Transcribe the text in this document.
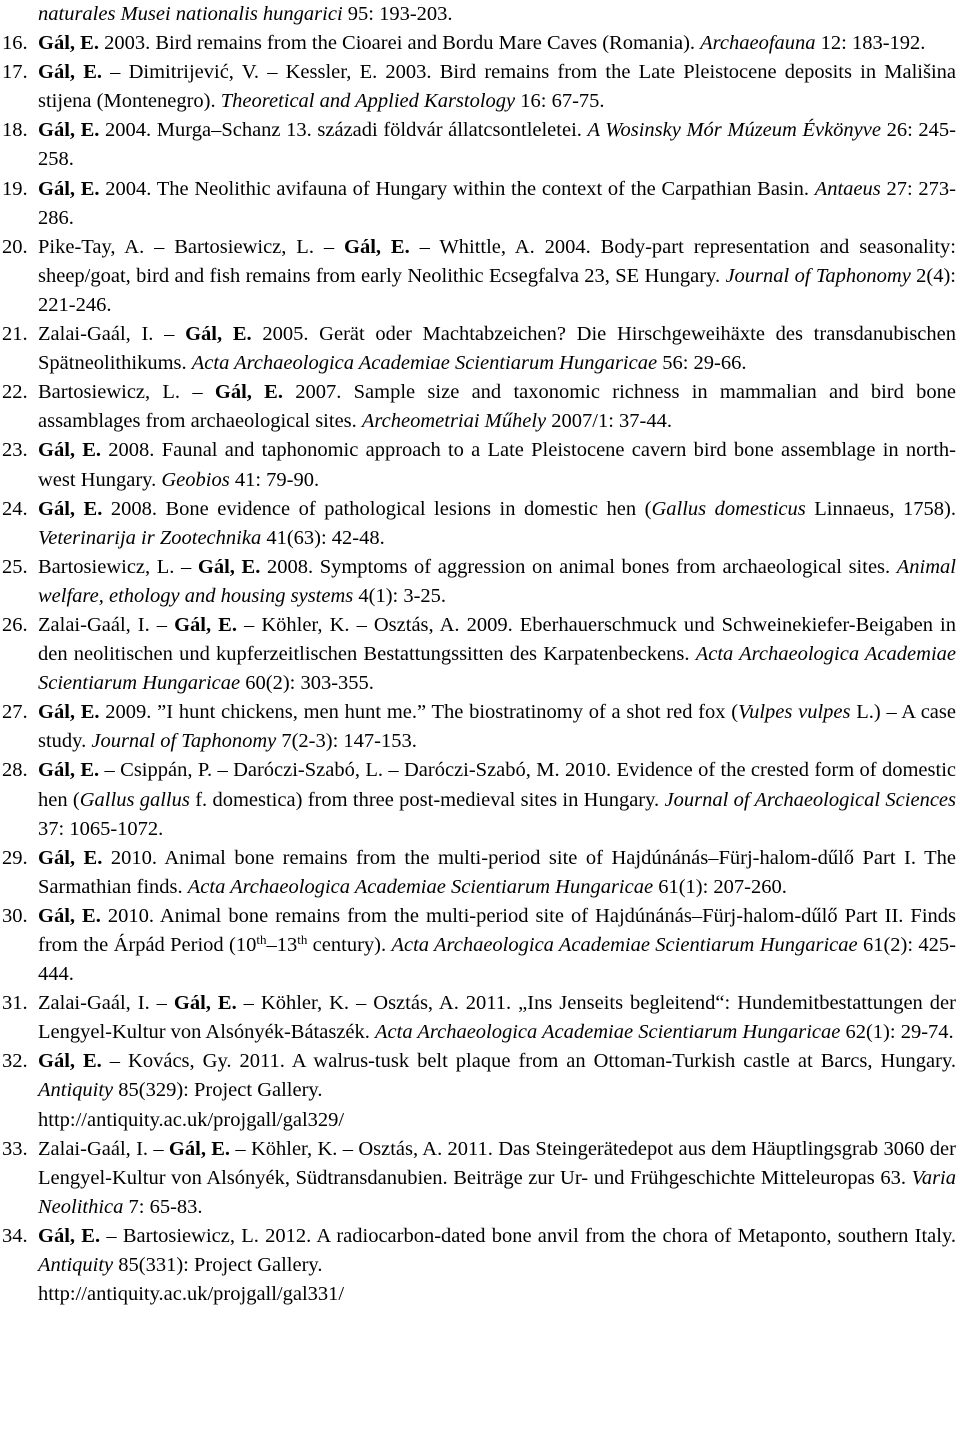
naturales Musei nationalis hungarici 95: 193-203.

16. Gál, E. 2003. Bird remains from the Cioarei and Bordu Mare Caves (Romania). Archaeofauna 12: 183-192.

17. Gál, E. – Dimitrijević, V. – Kessler, E. 2003. Bird remains from the Late Pleistocene deposits in Mališina stijena (Montenegro). Theoretical and Applied Karstology 16: 67-75.

18. Gál, E. 2004. Murga–Schanz 13. századi földvár állatcsontleletei. A Wosinsky Mór Múzeum Évkönyve 26: 245-258.

19. Gál, E. 2004. The Neolithic avifauna of Hungary within the context of the Carpathian Basin. Antaeus 27: 273-286.

20. Pike-Tay, A. – Bartosiewicz, L. – Gál, E. – Whittle, A. 2004. Body-part representation and seasonality: sheep/goat, bird and fish remains from early Neolithic Ecsegfalva 23, SE Hungary. Journal of Taphonomy 2(4): 221-246.

21. Zalai-Gaál, I. – Gál, E. 2005. Gerät oder Machtabzeichen? Die Hirschgeweihäxte des transdanubischen Spätneolithikums. Acta Archaeologica Academiae Scientiarum Hungaricae 56: 29-66.

22. Bartosiewicz, L. – Gál, E. 2007. Sample size and taxonomic richness in mammalian and bird bone assamblages from archaeological sites. Archeometriai Műhely 2007/1: 37-44.

23. Gál, E. 2008. Faunal and taphonomic approach to a Late Pleistocene cavern bird bone assemblage in north-west Hungary. Geobios 41: 79-90.

24. Gál, E. 2008. Bone evidence of pathological lesions in domestic hen (Gallus domesticus Linnaeus, 1758). Veterinarija ir Zootechnika 41(63): 42-48.

25. Bartosiewicz, L. – Gál, E. 2008. Symptoms of aggression on animal bones from archaeological sites. Animal welfare, ethology and housing systems 4(1): 3-25.

26. Zalai-Gaál, I. – Gál, E. – Köhler, K. – Osztás, A. 2009. Eberhauerschmuck und Schweinekiefer-Beigaben in den neolitischen und kupferzeitlischen Bestattungssitten des Karpatenbeckens. Acta Archaeologica Academiae Scientiarum Hungaricae 60(2): 303-355.

27. Gál, E. 2009. ”I hunt chickens, men hunt me.” The biostratinomy of a shot red fox (Vulpes vulpes L.) – A case study. Journal of Taphonomy 7(2-3): 147-153.

28. Gál, E. – Csippán, P. – Daróczi-Szabó, L. – Daróczi-Szabó, M. 2010. Evidence of the crested form of domestic hen (Gallus gallus f. domestica) from three post-medieval sites in Hungary. Journal of Archaeological Sciences 37: 1065-1072.

29. Gál, E. 2010. Animal bone remains from the multi-period site of Hajdúnánás–Fürj-halom-dűlő Part I. The Sarmathian finds. Acta Archaeologica Academiae Scientiarum Hungaricae 61(1): 207-260.

30. Gál, E. 2010. Animal bone remains from the multi-period site of Hajdúnánás–Fürj-halom-dűlő Part II. Finds from the Árpád Period (10th–13th century). Acta Archaeologica Academiae Scientiarum Hungaricae 61(2): 425-444.

31. Zalai-Gaál, I. – Gál, E. – Köhler, K. – Osztás, A. 2011. „Ins Jenseits begleitend“: Hundemitbestattungen der Lengyel-Kultur von Alsónyék-Bátaszék. Acta Archaeologica Academiae Scientiarum Hungaricae 62(1): 29-74.

32. Gál, E. – Kovács, Gy. 2011. A walrus-tusk belt plaque from an Ottoman-Turkish castle at Barcs, Hungary. Antiquity 85(329): Project Gallery.
http://antiquity.ac.uk/projgall/gal329/

33. Zalai-Gaál, I. – Gál, E. – Köhler, K. – Osztás, A. 2011. Das Steingerätedepot aus dem Häuptlingsgrab 3060 der Lengyel-Kultur von Alsónyék, Südtransdanubien. Beiträge zur Ur- und Frühgeschichte Mitteleuropas 63. Varia Neolithica 7: 65-83.

34. Gál, E. – Bartosiewicz, L. 2012. A radiocarbon-dated bone anvil from the chora of Metaponto, southern Italy. Antiquity 85(331): Project Gallery.
http://antiquity.ac.uk/projgall/gal331/
